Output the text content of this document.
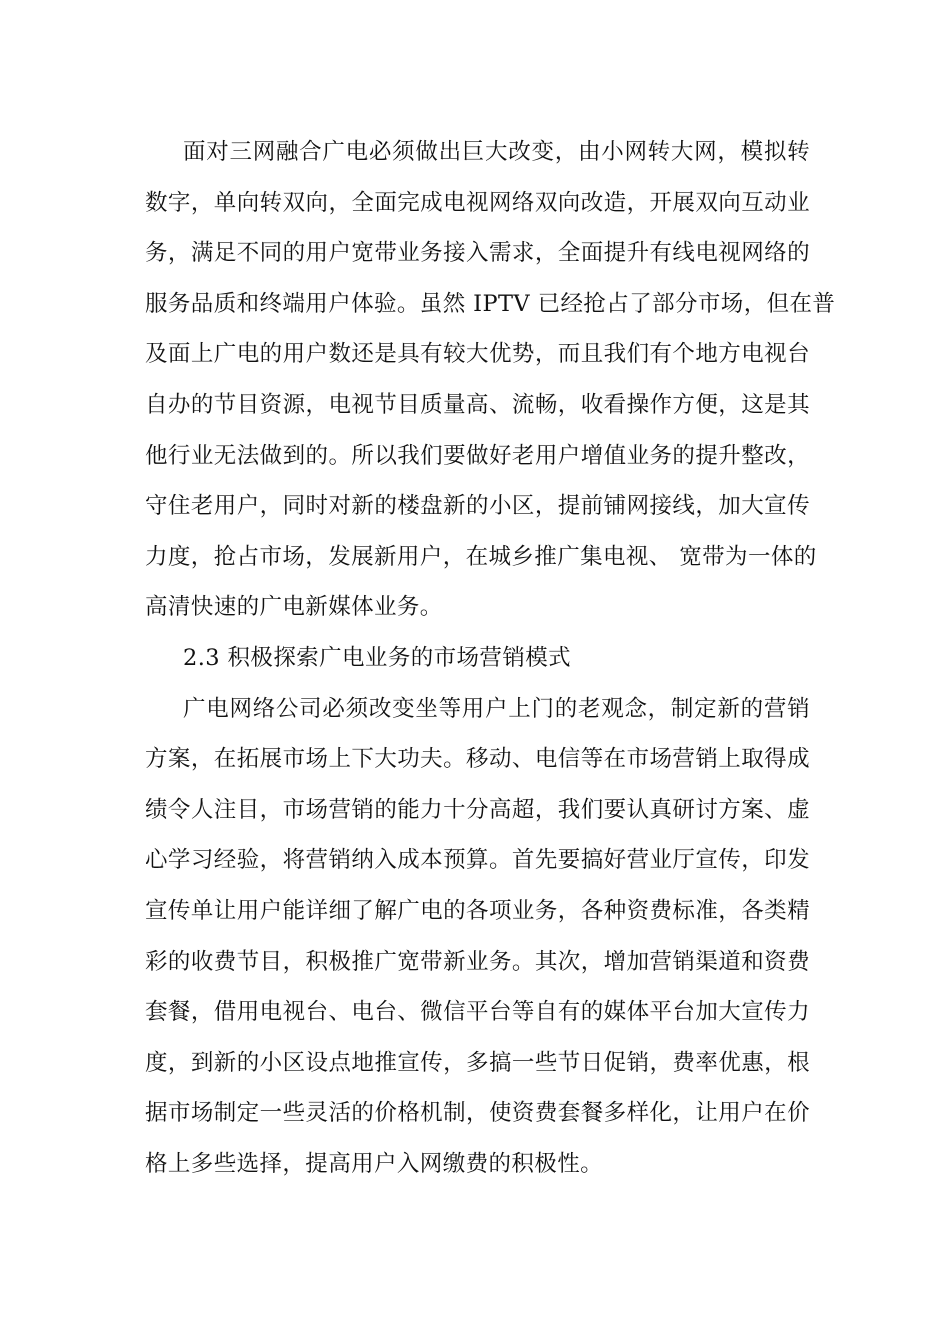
面对三网融合广电必须做出巨大改变，由小网转大网，模拟转
数字，单向转双向，全面完成电视网络双向改造，开展双向互动业
务，满足不同的用户宽带业务接入需求，全面提升有线电视网络的
服务品质和终端用户体验。虽然 IPTV 已经抢占了部分市场，但在普
及面上广电的用户数还是具有较大优势，而且我们有个地方电视台
自办的节目资源，电视节目质量高、流畅，收看操作方便，这是其
他行业无法做到的。所以我们要做好老用户增值业务的提升整改，
守住老用户，同时对新的楼盘新的小区，提前铺网接线，加大宣传
力度，抢占市场，发展新用户，在城乡推广集电视、 宽带为一体的
高清快速的广电新媒体业务。
2.3 积极探索广电业务的市场营销模式
广电网络公司必须改变坐等用户上门的老观念，制定新的营销
方案，在拓展市场上下大功夫。移动、电信等在市场营销上取得成
绩令人注目，市场营销的能力十分高超，我们要认真研讨方案、虚
心学习经验，将营销纳入成本预算。首先要搞好营业厅宣传，印发
宣传单让用户能详细了解广电的各项业务，各种资费标准，各类精
彩的收费节目，积极推广宽带新业务。其次，增加营销渠道和资费
套餐，借用电视台、电台、微信平台等自有的媒体平台加大宣传力
度，到新的小区设点地推宣传，多搞一些节日促销，费率优惠，根
据市场制定一些灵活的价格机制，使资费套餐多样化，让用户在价
格上多些选择，提高用户入网缴费的积极性。
